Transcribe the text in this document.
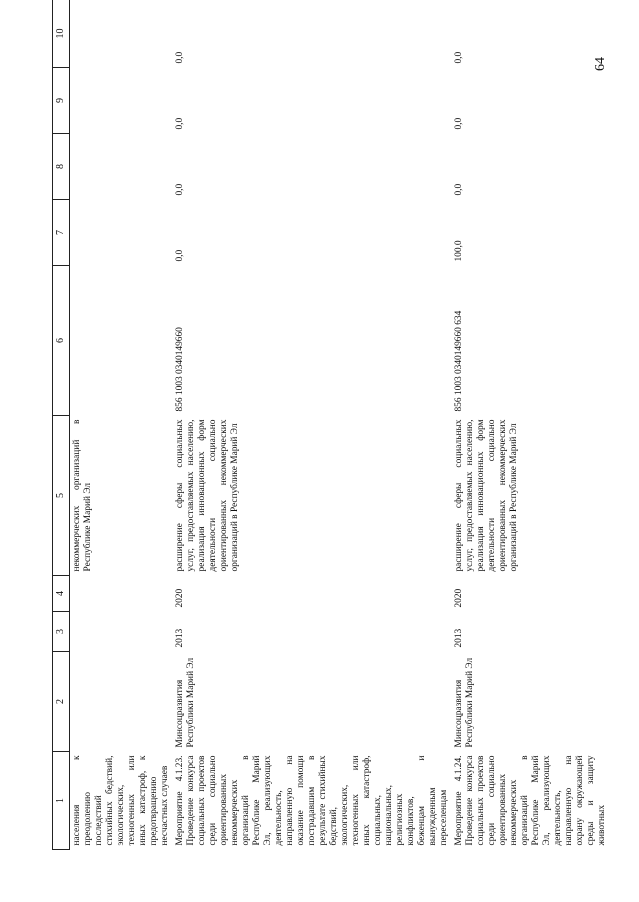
64
1	2	3	4	5	6	7	8	9	10
населения к преодолению последствий стихийных бедствий, экологических, техногенных или иных катастроф, к предотвращению несчастных случаев				некоммерческих организаций в Республике Марий Эл					
Мероприятие 4.1.23. Проведение конкурса социальных проектов среди социально ориентированных некоммерческих организаций в Республике Марий Эл, реализующих деятельность, направленную на оказание помощи пострадавшим в результате стихийных бедствий, экологических, техногенных или иных катастроф, социальных, национальных, религиозных конфликтов, беженцам и вынужденным переселенцам	Минсоцразвития Республики Марий Эл	2013	2020	расширение сферы социальных услуг, предоставляемых населению, реализация инновационных форм деятельности социально ориентированных некоммерческих организаций в Республике Марий Эл	856 1003 0340149660	0,0	0,0	0,0	0,0
Мероприятие 4.1.24. Проведение конкурса социальных проектов среди социально ориентированных некоммерческих организаций в Республике Марий Эл, реализующих деятельность, направленную на охрану окружающей среды и защиту животных	Минсоцразвития Республики Марий Эл	2013	2020	расширение сферы социальных услуг, предоставляемых населению, реализация инновационных форм деятельности социально ориентированных некоммерческих организаций в Республике Марий Эл	856 1003 0340149660 634	100,0	0,0	0,0	0,0
